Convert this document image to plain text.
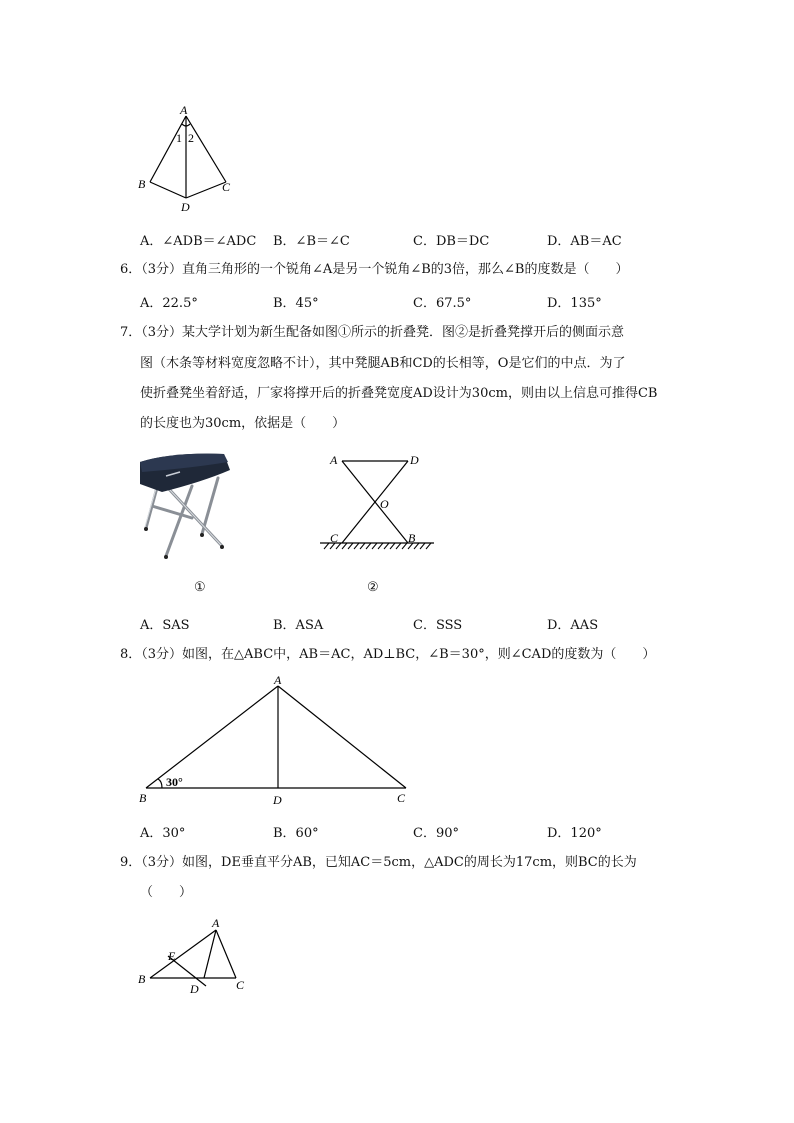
A
1 2
B	C
D
A．∠ADB＝∠ADC B．∠B＝∠C	C．DB＝DC	D．AB＝AC
6．（3分）直角三角形的一个锐角∠A是另一个锐角∠B的3倍，那么∠B的度数是（　　）
A．22.5°	B．45°	C．67.5°	D．135°
7．（3分）某大学计划为新生配备如图①所示的折叠凳．图②是折叠凳撑开后的侧面示意
图（木条等材料宽度忽略不计），其中凳腿AB和CD的长相等，O是它们的中点．为了
使折叠凳坐着舒适，厂家将撑开后的折叠凳宽度AD设计为30cm，则由以上信息可推得CB
的长度也为30cm，依据是（　　）
A	D
O
C	B
①	②
A．SAS	B．ASA	C．SSS	D．AAS
8．（3分）如图，在△ABC中，AB＝AC，AD⊥BC，∠B＝30°，则∠CAD的度数为（　　）
A
30°
B	D	C
A．30°	B．60°	C．90°	D．120°
9．（3分）如图，DE垂直平分AB，已知AC＝5cm，△ADC的周长为17cm，则BC的长为
（　　）
A
E
B
D	C
